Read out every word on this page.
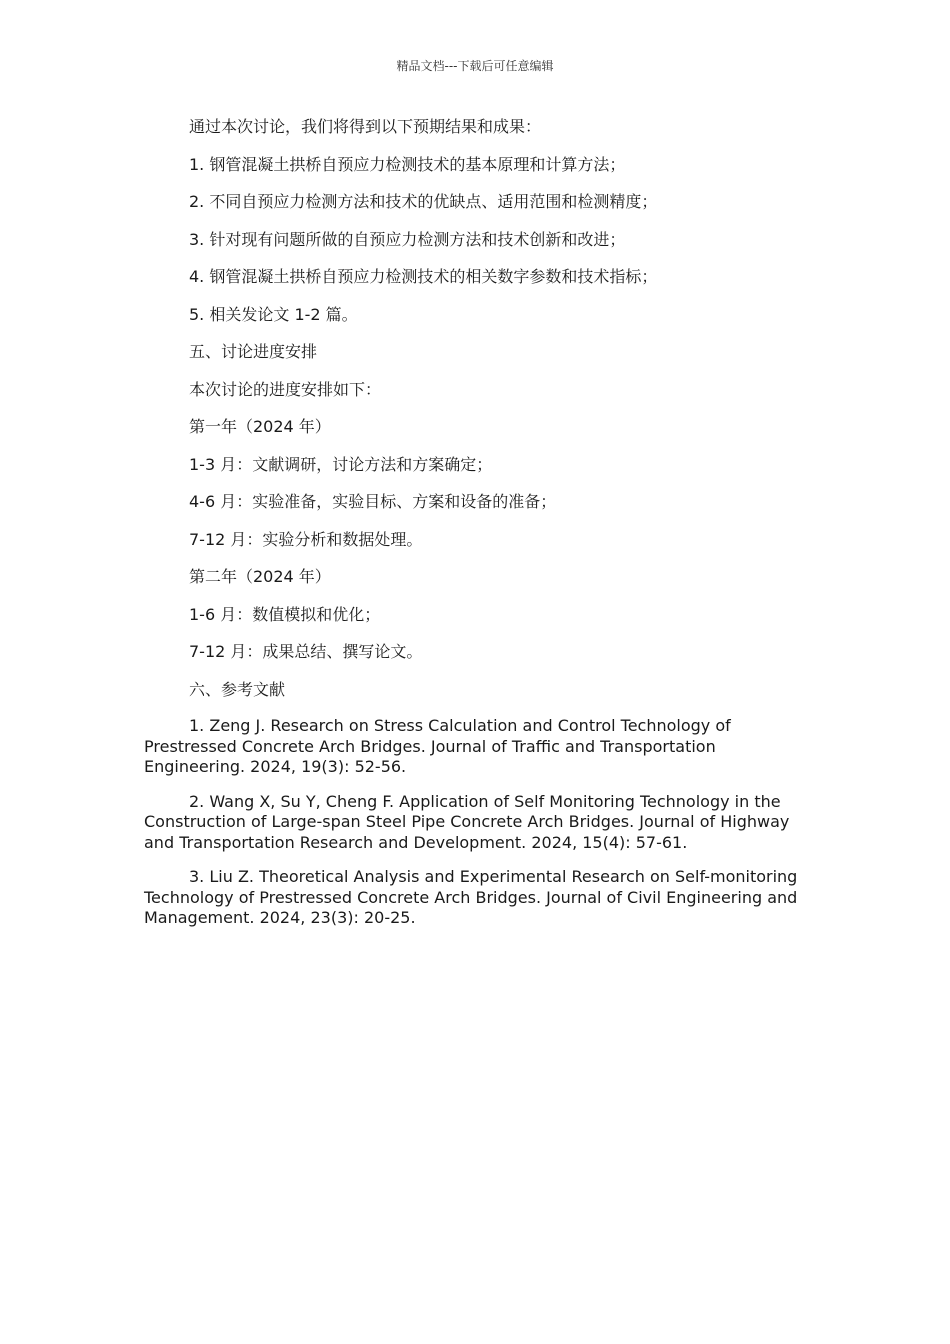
精品文档---下载后可任意编辑
通过本次讨论，我们将得到以下预期结果和成果：
1. 钢管混凝土拱桥自预应力检测技术的基本原理和计算方法；
2. 不同自预应力检测方法和技术的优缺点、适用范围和检测精度；
3. 针对现有问题所做的自预应力检测方法和技术创新和改进；
4. 钢管混凝土拱桥自预应力检测技术的相关数字参数和技术指标；
5. 相关发论文 1-2 篇。
五、讨论进度安排
本次讨论的进度安排如下：
第一年（2024 年）
1-3 月：文献调研，讨论方法和方案确定；
4-6 月：实验准备，实验目标、方案和设备的准备；
7-12 月：实验分析和数据处理。
第二年（2024 年）
1-6 月：数值模拟和优化；
7-12 月：成果总结、撰写论文。
六、参考文献

1. Zeng J. Research on Stress Calculation and Control Technology of Prestressed Concrete Arch Bridges. Journal of Traffic and Transportation Engineering. 2024, 19(3): 52-56.

2. Wang X, Su Y, Cheng F. Application of Self Monitoring Technology in the Construction of Large-span Steel Pipe Concrete Arch Bridges. Journal of Highway and Transportation Research and Development. 2024, 15(4): 57-61.

3. Liu Z. Theoretical Analysis and Experimental Research on Self-monitoring Technology of Prestressed Concrete Arch Bridges. Journal of Civil Engineering and Management. 2024, 23(3): 20-25.
